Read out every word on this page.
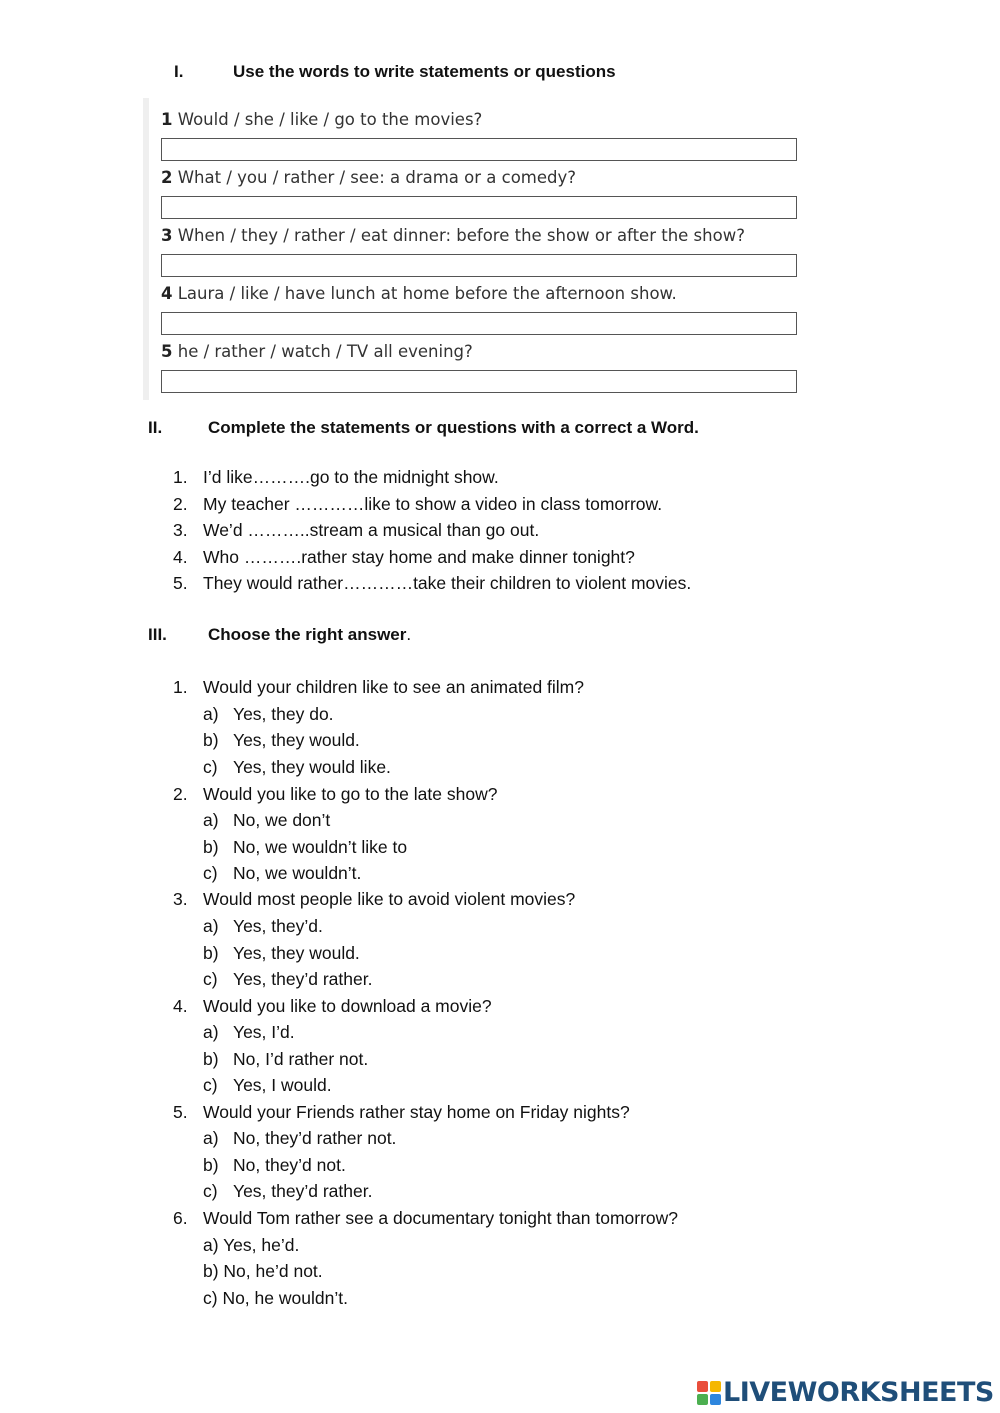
I.	Use the words to write statements or questions
1 Would / she / like / go to the movies?
2 What / you / rather / see: a drama or a comedy?
3 When / they / rather / eat dinner: before the show or after the show?
4 Laura / like / have lunch at home before the afternoon show.
5 he / rather / watch / TV all evening?
II.	Complete the statements or questions with a correct a Word.
1. I’d like……….go to the midnight show.
2. My teacher …………like to show a video in class tomorrow.
3. We’d ………..stream a musical than go out.
4. Who ……….rather stay home and make dinner tonight?
5. They would rather…………take their children to violent movies.
III. Choose the right answer.
1. Would your children like to see an animated film?
a) Yes, they do.
b) Yes, they would.
c) Yes, they would like.
2. Would you like to go to the late show?
a) No, we don’t
b) No, we wouldn’t like to
c) No, we wouldn’t.
3. Would most people like to avoid violent movies?
a) Yes, they’d.
b) Yes, they would.
c) Yes, they’d rather.
4. Would you like to download a movie?
a) Yes, I’d.
b) No, I’d rather not.
c) Yes, I would.
5. Would your Friends rather stay home on Friday nights?
a) No, they’d rather not.
b) No, they’d not.
c) Yes, they’d rather.
6. Would Tom rather see a documentary tonight than tomorrow?
a) Yes, he’d.
b) No, he’d not.
c) No, he wouldn’t.
LIVEWORKSHEETS
